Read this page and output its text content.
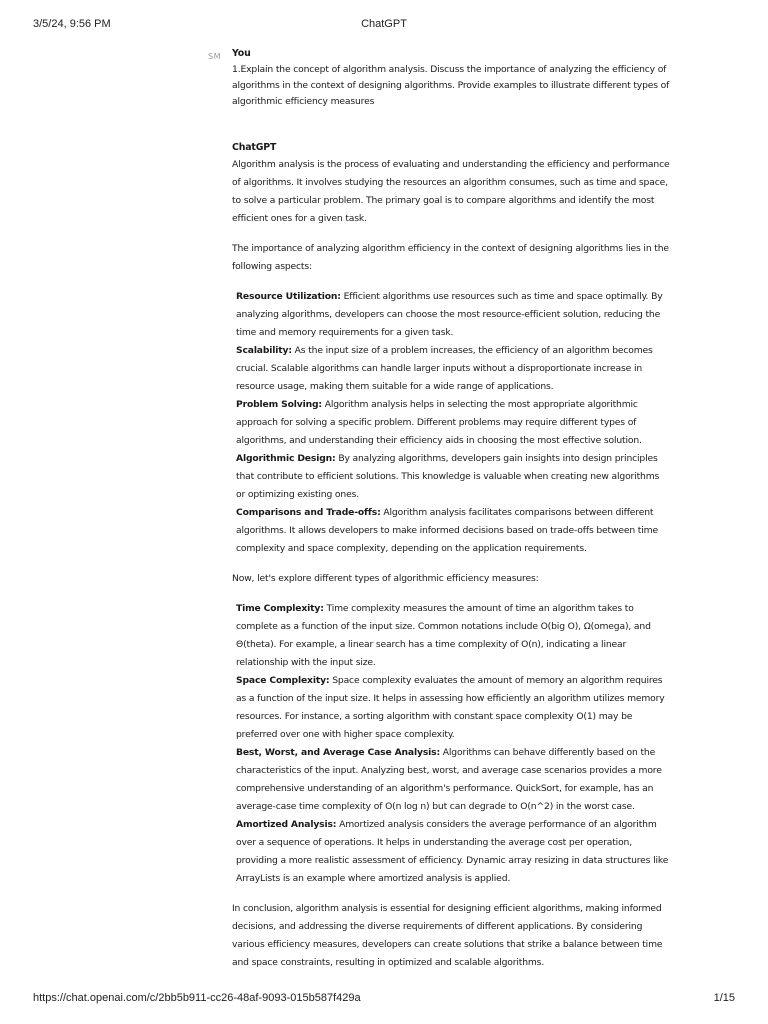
3/5/24, 9:56 PM	ChatGPT
SM	You
1.Explain the concept of algorithm analysis. Discuss the importance of analyzing the efficiency of algorithms in the context of designing algorithms. Provide examples to illustrate different types of algorithmic efficiency measures
ChatGPT

Algorithm analysis is the process of evaluating and understanding the efficiency and performance of algorithms. It involves studying the resources an algorithm consumes, such as time and space, to solve a particular problem. The primary goal is to compare algorithms and identify the most efficient ones for a given task.

The importance of analyzing algorithm efficiency in the context of designing algorithms lies in the following aspects:

Resource Utilization: Efficient algorithms use resources such as time and space optimally. By analyzing algorithms, developers can choose the most resource-efficient solution, reducing the time and memory requirements for a given task.
Scalability: As the input size of a problem increases, the efficiency of an algorithm becomes crucial. Scalable algorithms can handle larger inputs without a disproportionate increase in resource usage, making them suitable for a wide range of applications.
Problem Solving: Algorithm analysis helps in selecting the most appropriate algorithmic approach for solving a specific problem. Different problems may require different types of algorithms, and understanding their efficiency aids in choosing the most effective solution.
Algorithmic Design: By analyzing algorithms, developers gain insights into design principles that contribute to efficient solutions. This knowledge is valuable when creating new algorithms or optimizing existing ones.
Comparisons and Trade-offs: Algorithm analysis facilitates comparisons between different algorithms. It allows developers to make informed decisions based on trade-offs between time complexity and space complexity, depending on the application requirements.

Now, let's explore different types of algorithmic efficiency measures:

Time Complexity: Time complexity measures the amount of time an algorithm takes to complete as a function of the input size. Common notations include O(big O), Ω(omega), and Θ(theta). For example, a linear search has a time complexity of O(n), indicating a linear relationship with the input size.
Space Complexity: Space complexity evaluates the amount of memory an algorithm requires as a function of the input size. It helps in assessing how efficiently an algorithm utilizes memory resources. For instance, a sorting algorithm with constant space complexity O(1) may be preferred over one with higher space complexity.
Best, Worst, and Average Case Analysis: Algorithms can behave differently based on the characteristics of the input. Analyzing best, worst, and average case scenarios provides a more comprehensive understanding of an algorithm's performance. QuickSort, for example, has an average-case time complexity of O(n log n) but can degrade to O(n^2) in the worst case.
Amortized Analysis: Amortized analysis considers the average performance of an algorithm over a sequence of operations. It helps in understanding the average cost per operation, providing a more realistic assessment of efficiency. Dynamic array resizing in data structures like ArrayLists is an example where amortized analysis is applied.

In conclusion, algorithm analysis is essential for designing efficient algorithms, making informed decisions, and addressing the diverse requirements of different applications. By considering various efficiency measures, developers can create solutions that strike a balance between time and space constraints, resulting in optimized and scalable algorithms.

https://chat.openai.com/c/2bb5b911-cc26-48af-9093-015b587f429a	1/15
